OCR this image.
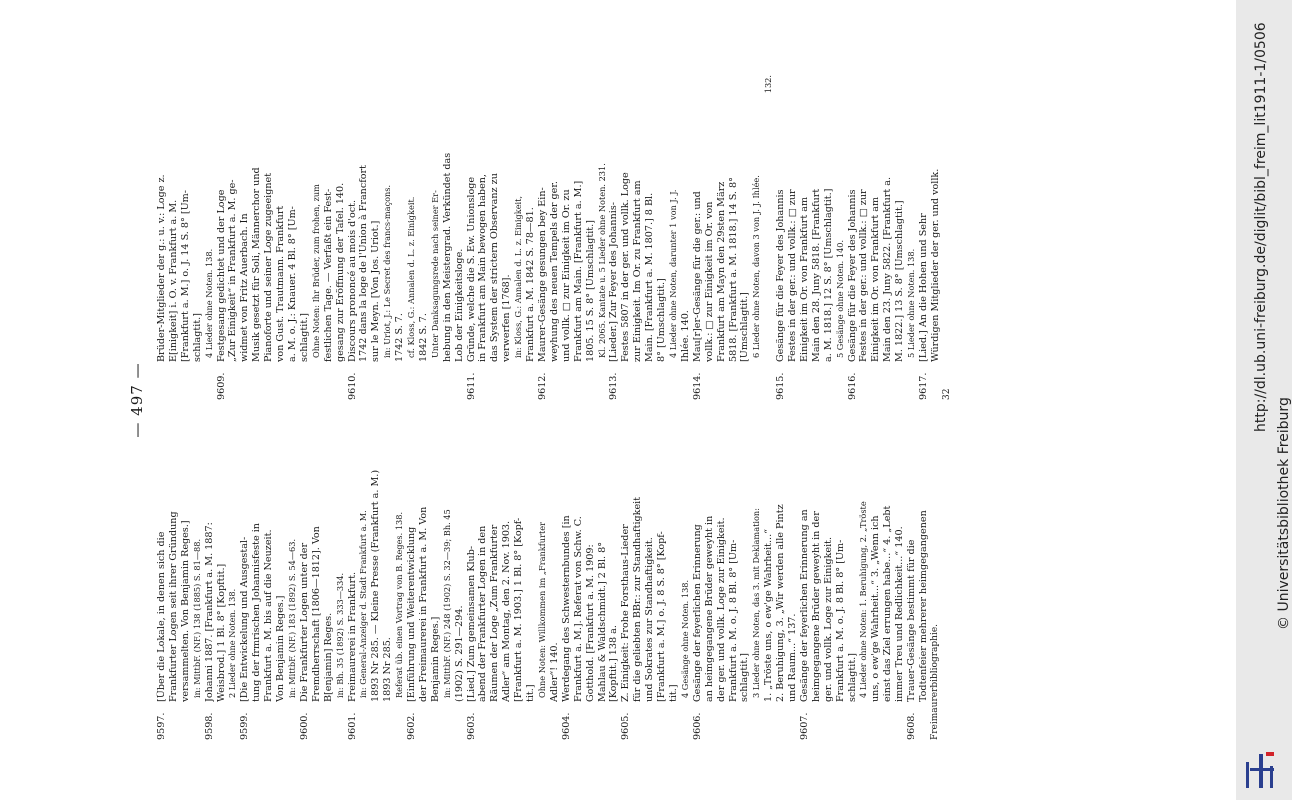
— 497 —
9597.
[Über die Lokale, in denen sich die Frankfurter Logen seit ihrer Gründung versammelten. Von Benjamin Reges.] in: MittbF. (NF.) 138 (1885) S. 81—88.
9598.
Johanni 1887. [Frankfurt a. M. 1887: Weisbrod.] 1 Bl. 8° [Kopftit.] 2 Lieder ohne Noten. 138.
9599.
[Die Entwickelung und Ausgestal- tung der frmrischen Johannisfeste in Frankfurt a. M. bis auf die Neuzeit. Von Benjamin Reges.] in: MittbF. (NF.) 183 (1892) S. 54—63.
9600.
Die Frankfurter Logen unter der Fremdherrschaft [1806—1812]. Von B[enjamin] Reges. in: Bh. 35 (1892) S. 333—334.
9601.
Freimaurerei in Frankfurt. in: General-Anzeiger d. Stadt Frankfurt a. M. 1893 Nr 285. — Kleine Presse (Frankfurt a. M.) 1893 Nr 285. Referat üb. einen Vortrag von B. Reges. 138.
9602.
[Einführung und Weiterentwicklung der Freimaurerei in Frankfurt a. M. Von Benjamin Reges.] in: MittbF. (NF.) 248 (1902) S. 32—39; Bh. 45 (1902) S. 291—294.
9603.
[Lied.] Zum gemeinsamen Klub- abend der Frankfurter Logen in den Räumen der Loge „Zum Frankfurter Adler“ am Montag, den 2. Nov. 1903. [Frankfurt a. M. 1903.] 1 Bl. 8° [Kopf- tit.] Ohne Noten: Willkommen im „Frankfurter Adler“! 140.
9604.
Werdegang des Schwesternbundes [in Frankfurt a. M.]. Referat von Schw. C. Gotthold. [Frankfurt a. M. 1909: Mahlau & Waldschmidt.] 2 Bl. 8° [Kopftit.] 138 a.
9605.
Z. Einigkeit: Frohe Forsthaus-Lieder für die geliebten BBr.: zur Standhaftigkeit und Sokrates zur Standhaftigkeit. [Frankfurt a. M.] o. J. 8 S. 8° [Kopf- tit.] 4 Gesänge ohne Noten. 138.
9606.
Gesänge der feyerlichen Erinnerung an heimgegangene Brüder geweyht in der ger. und vollk. Loge zur Einigkeit. Frankfurt a. M. o. J. 8 Bl. 8° [Um- schlagtit.] 3 Lieder ohne Noten, das 3. mit Deklamation: 1. „Tröste uns, o ew'ge Wahrheit...“ 2. Beruhigung, 3. „Wir werden alle Pintz und Raum...“ 137.
9607.
Gesänge der feyerlichen Erinnerung an heimgegangene Brüder geweyht in der ger. und vollk. Loge zur Einigkeit. Frankfurt a. M. o. J. 8 Bl. 8° [Um- schlagtit.] 4 Lieder ohne Noten: 1. Beruhigung, 2. „Tröste uns, o ew'ge Wahrheit...“ 3. „Wenn ich einst das Ziel errungen habe...“ 4. „Lebt immer Treu und Redlichkeit...“ 140.
9608.
Trauer-Gesänge bestimmt für die Todtenfeier mehrerer heimgegangenen Freimaurerbibliographie.
Brüder-Mitglieder der g.: u. v.: Loge z. E[inigkeit] i. O. v. Frankfurt a. M. [Frankfurt a. M.] o. J. 14 S. 8° [Um- schlagtit.] 4 Lieder ohne Noten. 138.
9609.
Festgesang gedichtet und der Loge „Zur Einigkeit“ in Frankfurt a. M. ge- widmet von Fritz Auerbach. In Musik gesetzt für Soli, Männerchor und Pianoforte und seiner Loge zugeeignet von Gust. Trautmann. Frankfurt a. M. o. J.: Knauer. 4 Bl. 8° [Um- schlagtit.] Ohne Noten: Ihr Brüder, zum frohen, zum festlichen Tage. — Verfaßt ein Fest- gesang zur Eröffnung der Tafel. 140.
9610.
Discours prononcé au mois d'oct. 1742 dans la loge de l'Union à Francfort sur le Meyn. [Von Jos. Uriot.] in: Uriot, J.: Le Secret des francs-maçons. 1742 S. 7. cf. Kloss, G.: Annalen d. L. z. Einigkeit. 1842 S. 7. Unter Danksagungsrede nach seiner Er- hebung in den Meistergrad. Verkündet das Lob der Einigkeitsloge.
9611.
Gründe, welche die S. Ew. Unionsloge in Frankfurt am Main bewogen haben, das System der strictern Observanz zu verwerfen [1768]. in: Kloss, G.: Annalen d. L. z. Einigkeit, Frankfurt a. M. 1842 S. 78—81.
9612.
Maurer-Gesänge gesungen bey Ein- weyhung des neuen Tempels der ger. und vollk. □ zur Einigkeit im Or. zu Frankfurt am Main. [Frankfurt a. M.] 1805. 15 S. 8° [Umschlagtit.] Kl. 2065. Kantate u. 5 Lieder ohne Noten. 231.
9613.
[Lieder.] Zur Feyer des Johannis- Festes 5807 in der ger. und vollk. Loge zur Einigkeit. Im Or. zu Frankfurt am Main. [Frankfurt a. M. 1807.] 8 Bl. 8° [Umschlagtit.] 4 Lieder ohne Noten, darunter 1 von J. J. Ihlée. 140.
9614.
Mau[r]er-Gesänge für die ger.: und vollk.: □ zur Einigkeit im Or. von Frankfurt am Mayn den 29sten März 5818. [Frankfurt a. M. 1818.] 14 S. 8° [Umschlagtit.] 6 Lieder ohne Noten, davon 3 von J. J. Ihlée.
132.
9615.
Gesänge für die Feyer des Johannis Festes in der ger.: und vollk.: □ zur Einigkeit im Or. von Frankfurt am Main den 28. Juny 5818. [Frankfurt a. M. 1818.] 12 S. 8° [Umschlagtit.] 5 Gesänge ohne Noten. 140.
9616.
Gesänge für die Feyer des Johannis Festes in der ger.: und vollk.: □ zur Einigkeit im Or. von Frankfurt am Main den 23. Juny 5822. [Frankfurt a. M. 1822.] 13 S. 8° [Umschlagtit.] 5 Lieder ohne Noten. 138.
9617.
[Lied.] An die Hohen und Sehr Würdigen Mitglieder der ger. und vollk.
32	http://dl.ub.uni-freiburg.de/diglit/bibl_freim_lit1911-1/0506
© Universitätsbibliothek Freiburg
